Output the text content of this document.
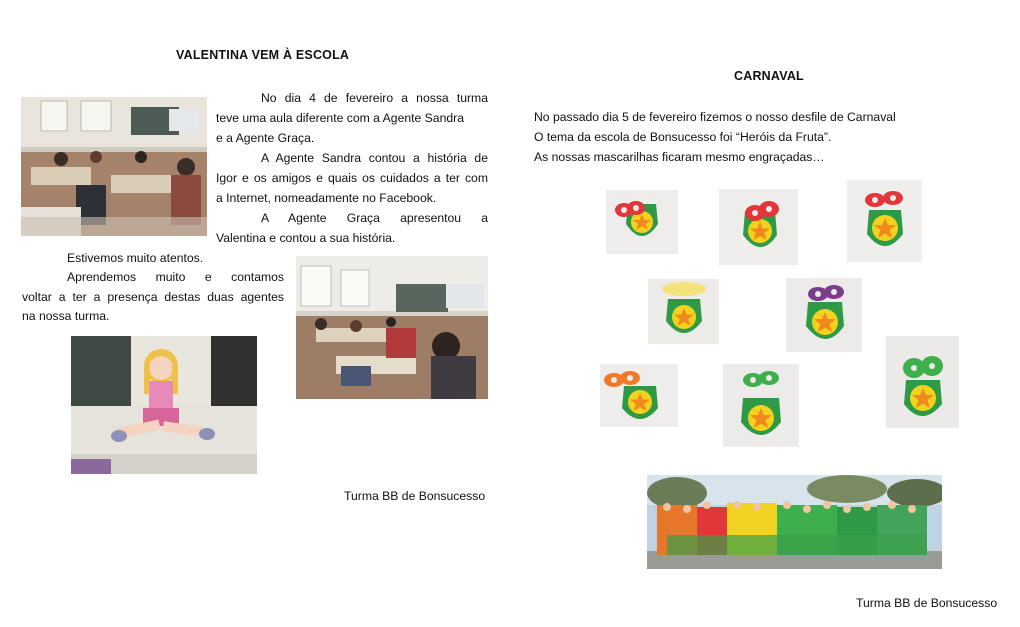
VALENTINA VEM À ESCOLA
No dia 4 de fevereiro a nossa turma
teve uma aula diferente com a Agente Sandra
e a Agente Graça.
A Agente Sandra contou a história de
Igor e os amigos e quais os cuidados a ter com
a Internet, nomeadamente no Facebook.
A Agente Graça apresentou a
Valentina e contou a sua história.
Estivemos muito atentos.
Aprendemos muito e contamos
voltar a ter a presença destas duas agentes
na nossa turma.
Turma BB de Bonsucesso
CARNAVAL
No passado dia 5 de fevereiro fizemos o nosso desfile de Carnaval
O tema da escola de Bonsucesso foi “Heróis da Fruta”.
As nossas mascarilhas ficaram mesmo engraçadas…
Turma BB de Bonsucesso
